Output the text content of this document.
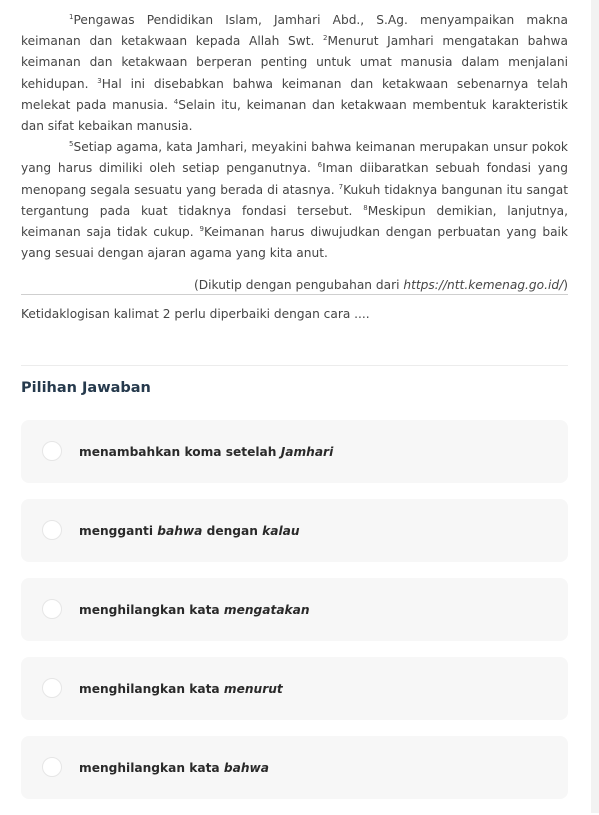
$^1$Pengawas Pendidikan Islam, Jamhari Abd., S.Ag. menyampaikan makna keimanan dan ketakwaan kepada Allah Swt. $^2$Menurut Jamhari mengatakan bahwa keimanan dan ketakwaan berperan penting untuk umat manusia dalam menjalani kehidupan. $^3$Hal ini disebabkan bahwa keimanan dan ketakwaan sebenarnya telah melekat pada manusia. $^4$Selain itu, keimanan dan ketakwaan membentuk karakteristik dan sifat kebaikan manusia.

$^5$Setiap agama, kata Jamhari, meyakini bahwa keimanan merupakan unsur pokok yang harus dimiliki oleh setiap penganutnya. $^6$Iman diibaratkan sebuah fondasi yang menopang segala sesuatu yang berada di atasnya. $^7$Kukuh tidaknya bangunan itu sangat tergantung pada kuat tidaknya fondasi tersebut. $^8$Meskipun demikian, lanjutnya, keimanan saja tidak cukup. $^9$Keimanan harus diwujudkan dengan perbuatan yang baik yang sesuai dengan ajaran agama yang kita anut.

(Dikutip dengan pengubahan dari https://ntt.kemenag.go.id/)
Ketidaklogisan kalimat 2 perlu diperbaiki dengan cara ....
Pilihan Jawaban
menambahkan koma setelah Jamhari
mengganti bahwa dengan kalau
menghilangkan kata mengatakan
menghilangkan kata menurut
menghilangkan kata bahwa
